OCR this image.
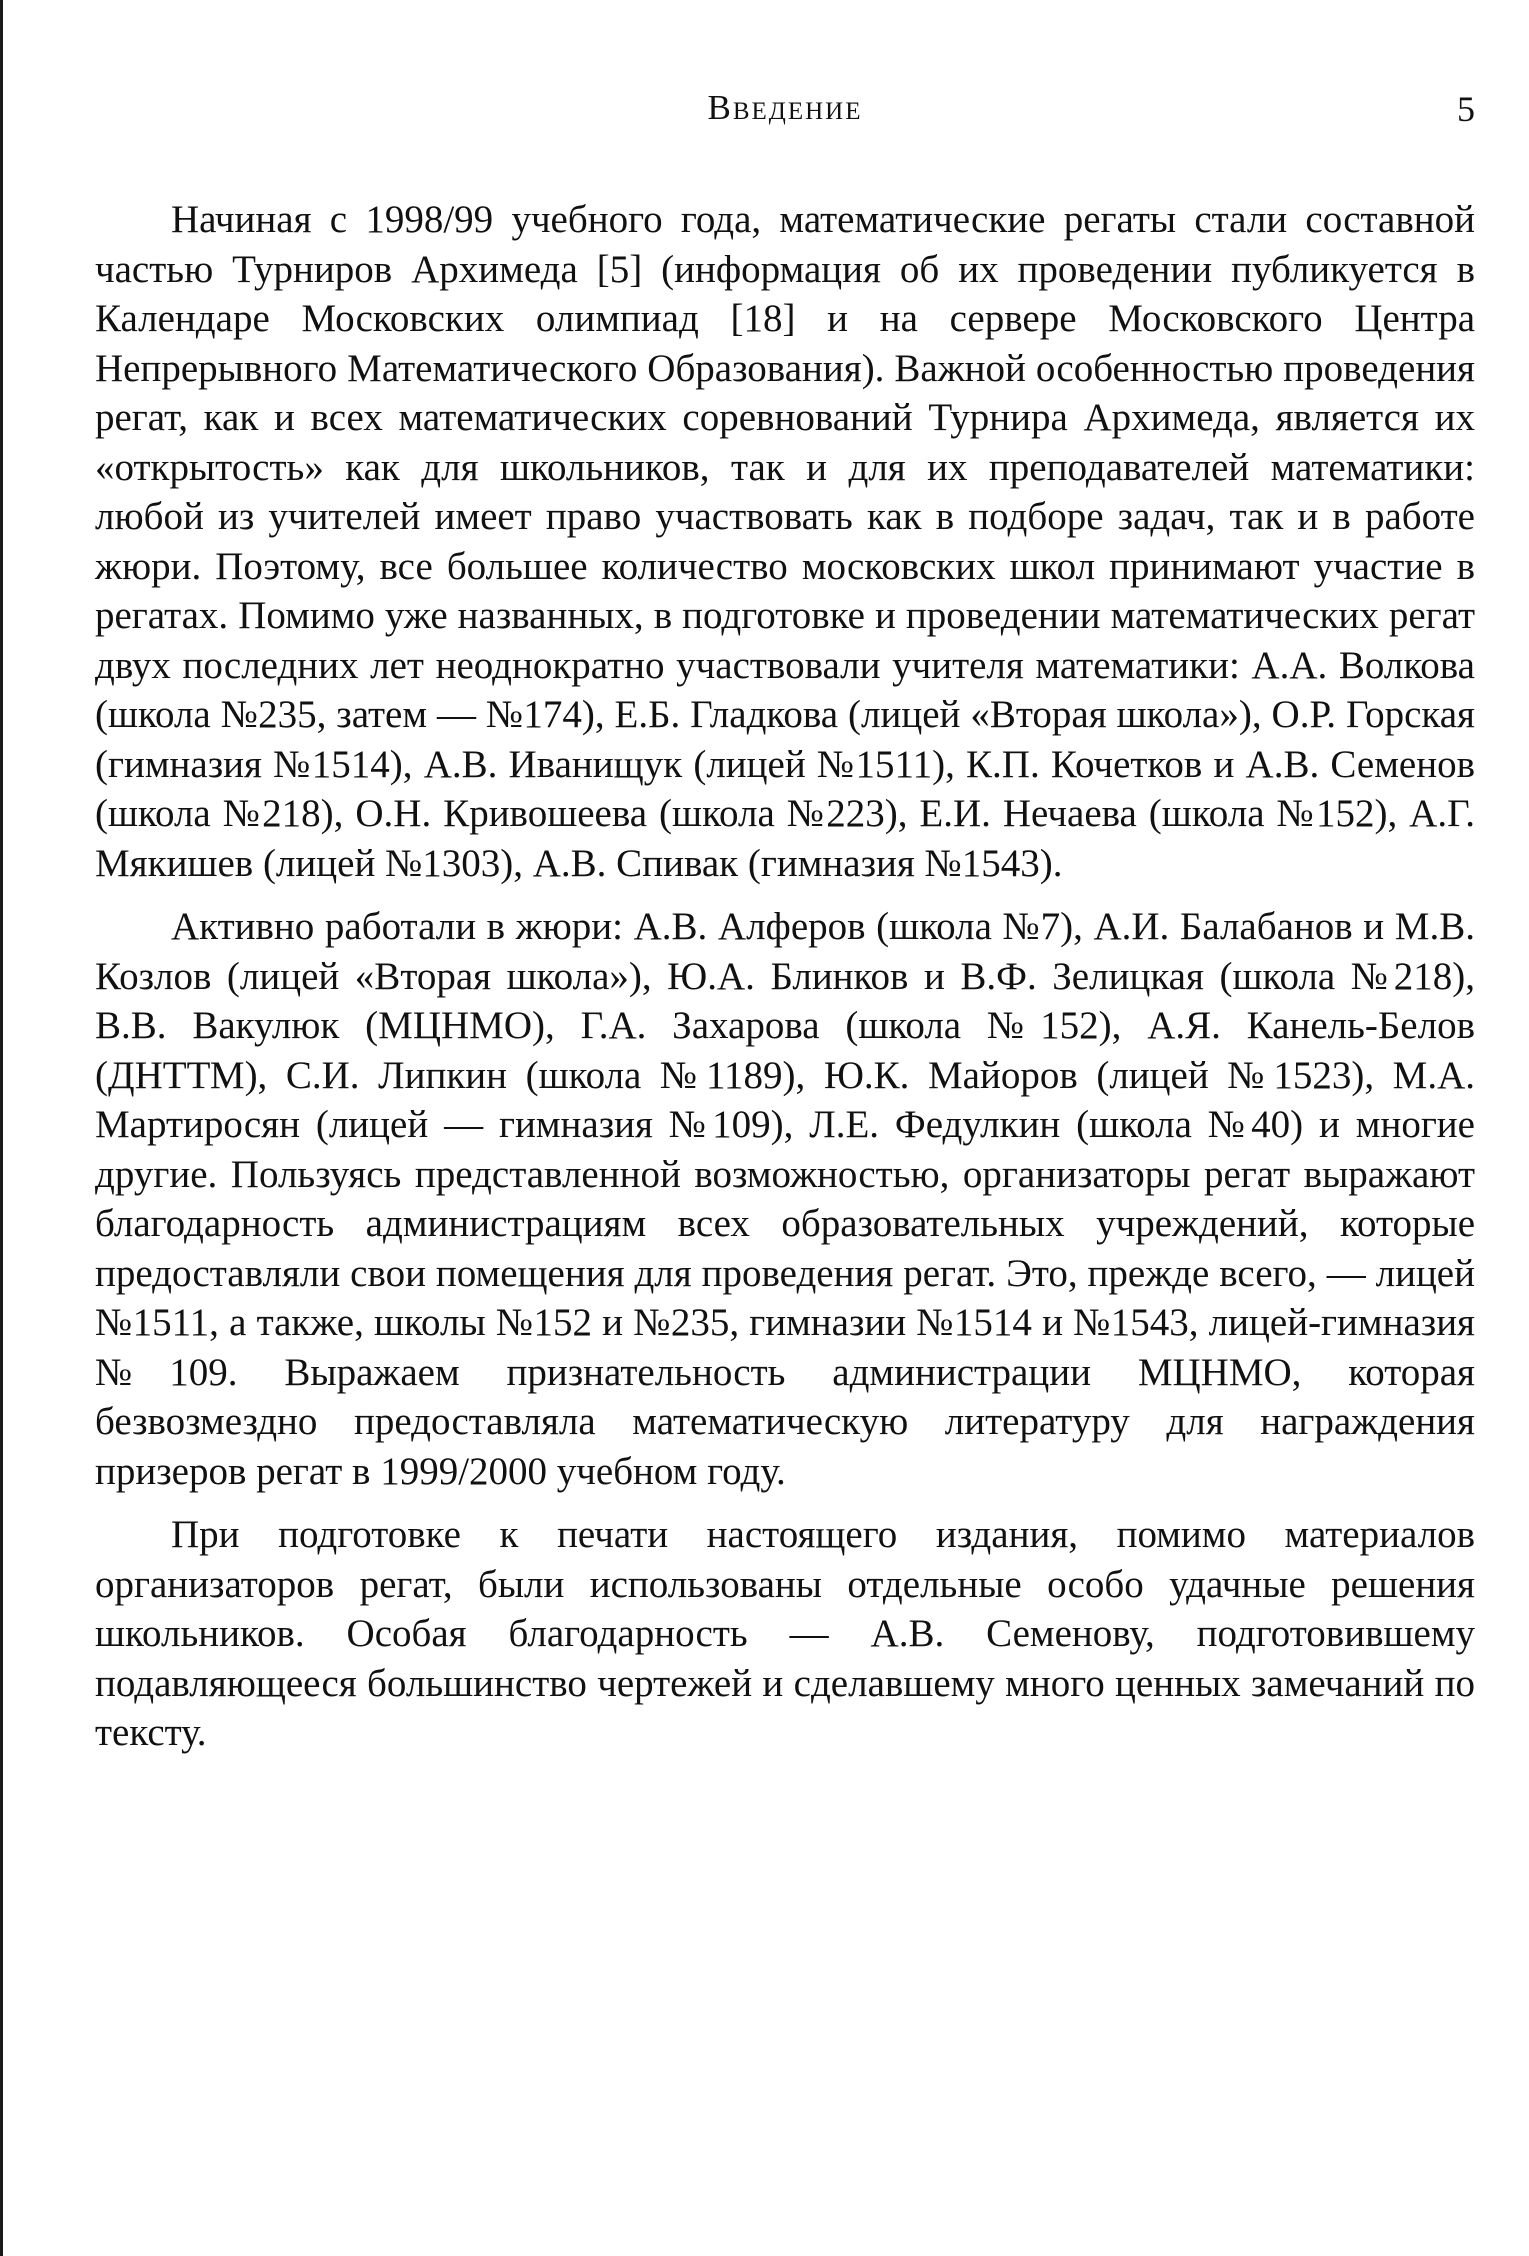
Введение	5

Начиная с 1998/99 учебного года, математические регаты стали составной частью Турниров Архимеда [5] (информация об их проведении публикуется в Календаре Московских олимпиад [18] и на сервере Московского Центра Непрерывного Математического Образования). Важной особенностью проведения регат, как и всех математических соревнований Турнира Архимеда, является их «открытость» как для школьников, так и для их преподавателей математики: любой из учителей имеет право участвовать как в подборе задач, так и в работе жюри. Поэтому, все большее количество московских школ принимают участие в регатах. Помимо уже названных, в подготовке и проведении математических регат двух последних лет неоднократно участвовали учителя математики: А.А. Волкова (школа №235, затем — №174), Е.Б. Гладкова (лицей «Вторая школа»), О.Р. Горская (гимназия №1514), А.В. Иванищук (лицей №1511), К.П. Кочетков и А.В. Семенов (школа №218), О.Н. Кривошеева (школа №223), Е.И. Нечаева (школа №152), А.Г. Мякишев (лицей №1303), А.В. Спивак (гимназия №1543).

Активно работали в жюри: А.В. Алферов (школа №7), А.И. Балабанов и М.В. Козлов (лицей «Вторая школа»), Ю.А. Блинков и В.Ф. Зелицкая (школа №218), В.В. Вакулюк (МЦНМО), Г.А. Захарова (школа №152), А.Я. Канель-Белов (ДНТТМ), С.И. Липкин (школа №1189), Ю.К. Майоров (лицей №1523), М.А. Мартиросян (лицей — гимназия №109), Л.Е. Федулкин (школа №40) и многие другие. Пользуясь представленной возможностью, организаторы регат выражают благодарность администрациям всех образовательных учреждений, которые предоставляли свои помещения для проведения регат. Это, прежде всего, — лицей №1511, а также, школы №152 и №235, гимназии №1514 и №1543, лицей-гимназия №109. Выражаем признательность администрации МЦНМО, которая безвозмездно предоставляла математическую литературу для награждения призеров регат в 1999/2000 учебном году.

При подготовке к печати настоящего издания, помимо материалов организаторов регат, были использованы отдельные особо удачные решения школьников. Особая благодарность — А.В. Семенову, подготовившему подавляющееся большинство чертежей и сделавшему много ценных замечаний по тексту.
